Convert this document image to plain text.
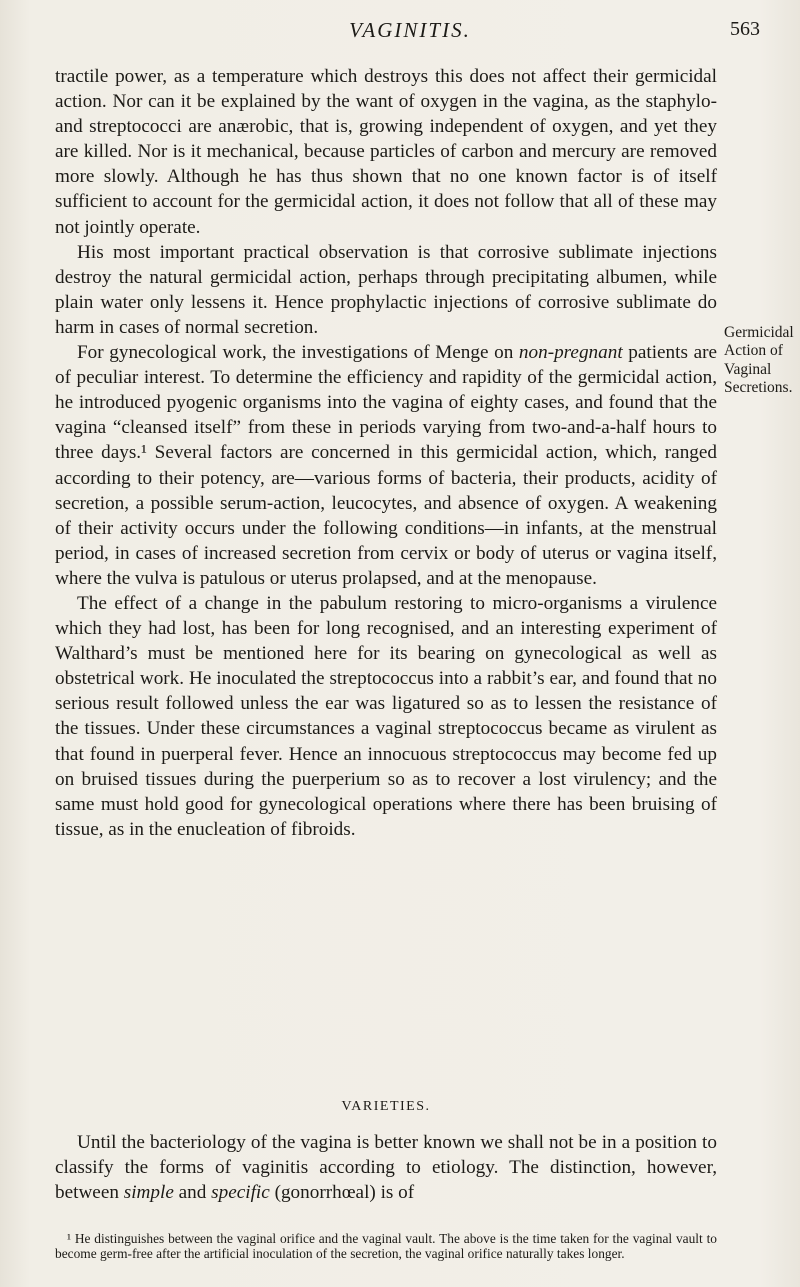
VAGINITIS.	563

tractile power, as a temperature which destroys this does not affect their germicidal action. Nor can it be explained by the want of oxygen in the vagina, as the staphylo- and streptococci are anærobic, that is, growing independent of oxygen, and yet they are killed. Nor is it mechanical, because particles of carbon and mercury are removed more slowly. Although he has thus shown that no one known factor is of itself sufficient to account for the germicidal action, it does not follow that all of these may not jointly operate.

His most important practical observation is that corrosive sublimate injections destroy the natural germicidal action, perhaps through precipitating albumen, while plain water only lessens it. Hence prophylactic injections of corrosive sublimate do harm in cases of normal secretion.

For gynecological work, the investigations of Menge on non-pregnant patients are of peculiar interest. To determine the efficiency and rapidity of the germicidal action, he introduced pyogenic organisms into the vagina of eighty cases, and found that the vagina “cleansed itself” from these in periods varying from two-and-a-half hours to three days.¹ Several factors are concerned in this germicidal action, which, ranged according to their potency, are—various forms of bacteria, their products, acidity of secretion, a possible serum-action, leucocytes, and absence of oxygen. A weakening of their activity occurs under the following conditions—in infants, at the menstrual period, in cases of increased secretion from cervix or body of uterus or vagina itself, where the vulva is patulous or uterus prolapsed, and at the menopause.

The effect of a change in the pabulum restoring to micro-organisms a virulence which they had lost, has been for long recognised, and an interesting experiment of Walthard’s must be mentioned here for its bearing on gynecological as well as obstetrical work. He inoculated the streptococcus into a rabbit’s ear, and found that no serious result followed unless the ear was ligatured so as to lessen the resistance of the tissues. Under these circumstances a vaginal streptococcus became as virulent as that found in puerperal fever. Hence an innocuous streptococcus may become fed up on bruised tissues during the puerperium so as to recover a lost virulency; and the same must hold good for gynecological operations where there has been bruising of tissue, as in the enucleation of fibroids.

Germicidal Action of Vaginal Secretions.
VARIETIES.

Until the bacteriology of the vagina is better known we shall not be in a position to classify the forms of vaginitis according to etiology. The distinction, however, between simple and specific (gonorrhœal) is of

¹ He distinguishes between the vaginal orifice and the vaginal vault. The above is the time taken for the vaginal vault to become germ-free after the artificial inoculation of the secretion, the vaginal orifice naturally takes longer.
